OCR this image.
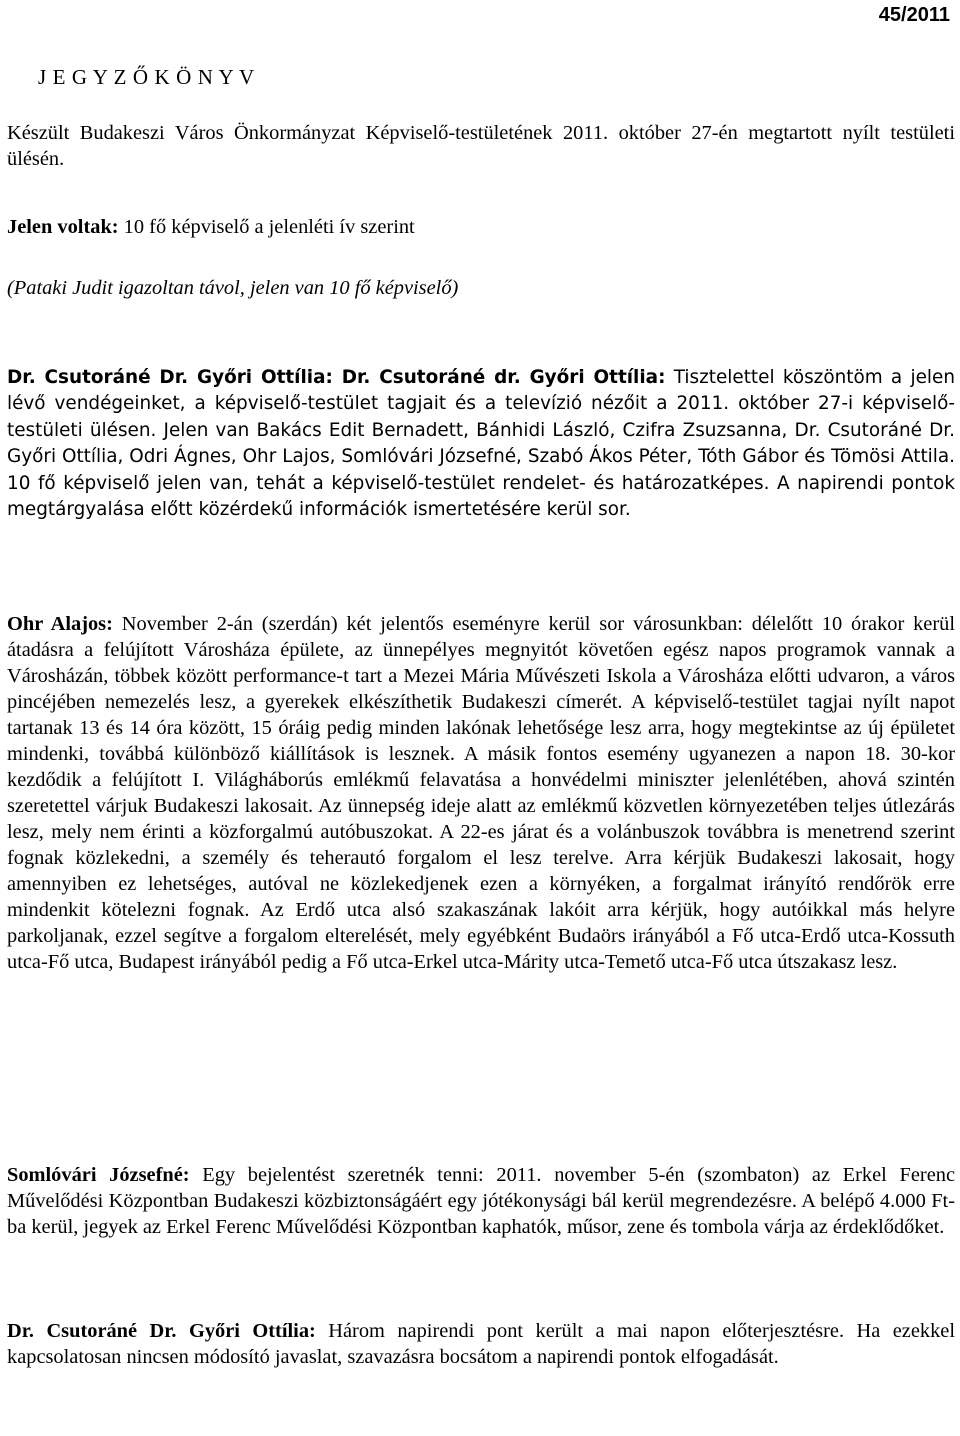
45/2011
J E G Y Z Ő K Ö N Y V
Készült Budakeszi Város Önkormányzat Képviselő-testületének 2011. október 27-én megtartott nyílt testületi ülésén.
Jelen voltak: 10 fő képviselő a jelenléti ív szerint
(Pataki Judit igazoltan távol, jelen van 10 fő képviselő)
Dr. Csutoráné Dr. Győri Ottília: Dr. Csutoráné dr. Győri Ottília: Tisztelettel köszöntöm a jelen lévő vendégeinket, a képviselő-testület tagjait és a televízió nézőit a 2011. október 27-i képviselő-testületi ülésen. Jelen van Bakács Edit Bernadett, Bánhidi László, Czifra Zsuzsanna, Dr. Csutoráné Dr. Győri Ottília, Odri Ágnes, Ohr Lajos, Somlóvári Józsefné, Szabó Ákos Péter, Tóth Gábor és Tömösi Attila. 10 fő képviselő jelen van, tehát a képviselő-testület rendelet- és határozatképes. A napirendi pontok megtárgyalása előtt közérdekű információk ismertetésére kerül sor.
Ohr Alajos: November 2-án (szerdán) két jelentős eseményre kerül sor városunkban: délelőtt 10 órakor kerül átadásra a felújított Városháza épülete, az ünnepélyes megnyitót követően egész napos programok vannak a Városházán, többek között performance-t tart a Mezei Mária Művészeti Iskola a Városháza előtti udvaron, a város pincéjében nemezelés lesz, a gyerekek elkészíthetik Budakeszi címerét. A képviselő-testület tagjai nyílt napot tartanak 13 és 14 óra között, 15 óráig pedig minden lakónak lehetősége lesz arra, hogy megtekintse az új épületet mindenki, továbbá különböző kiállítások is lesznek. A másik fontos esemény ugyanezen a napon 18. 30-kor kezdődik a felújított I. Világháborús emlékmű felavatása a honvédelmi miniszter jelenlétében, ahová szintén szeretettel várjuk Budakeszi lakosait. Az ünnepség ideje alatt az emlékmű közvetlen környezetében teljes útlezárás lesz, mely nem érinti a közforgalmú autóbuszokat. A 22-es járat és a volánbuszok továbbra is menetrend szerint fognak közlekedni, a személy és teherautó forgalom el lesz terelve. Arra kérjük Budakeszi lakosait, hogy amennyiben ez lehetséges, autóval ne közlekedjenek ezen a környéken, a forgalmat irányító rendőrök erre mindenkit kötelezni fognak. Az Erdő utca alsó szakaszának lakóit arra kérjük, hogy autóikkal más helyre parkoljanak, ezzel segítve a forgalom elterelését, mely egyébként Budaörs irányából a Fő utca-Erdő utca-Kossuth utca-Fő utca, Budapest irányából pedig a Fő utca-Erkel utca-Márity utca-Temető utca-Fő utca útszakasz lesz.
Somlóvári Józsefné: Egy bejelentést szeretnék tenni: 2011. november 5-én (szombaton) az Erkel Ferenc Művelődési Központban Budakeszi közbiztonságáért egy jótékonysági bál kerül megrendezésre. A belépő 4.000 Ft-ba kerül, jegyek az Erkel Ferenc Művelődési Központban kaphatók, műsor, zene és tombola várja az érdeklődőket.
Dr. Csutoráné Dr. Győri Ottília: Három napirendi pont került a mai napon előterjesztésre. Ha ezekkel kapcsolatosan nincsen módosító javaslat, szavazásra bocsátom a napirendi pontok elfogadását.
